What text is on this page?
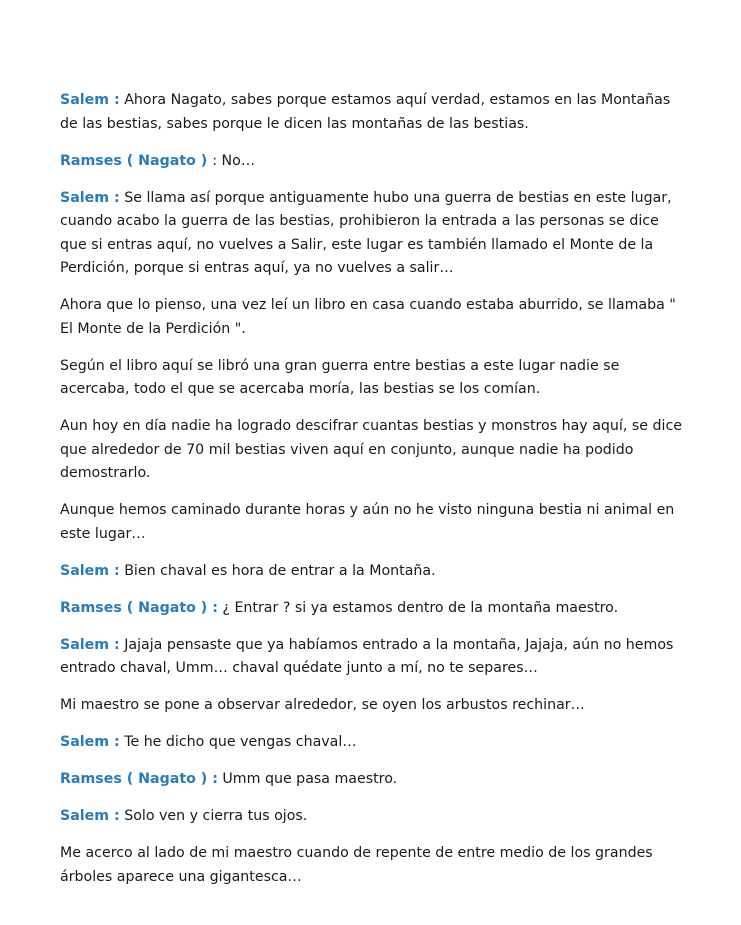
Salem : Ahora Nagato, sabes porque estamos aquí verdad, estamos en las Montañas de las bestias, sabes porque le dicen las montañas de las bestias.

Ramses ( Nagato ) : No…

Salem : Se llama así porque antiguamente hubo una guerra de bestias en este lugar, cuando acabo la guerra de las bestias, prohibieron la entrada a las personas se dice que si entras aquí, no vuelves a Salir, este lugar es también llamado el Monte de la Perdición, porque si entras aquí, ya no vuelves a salir…

Ahora que lo pienso, una vez leí un libro en casa cuando estaba aburrido, se llamaba " El Monte de la Perdición ".

Según el libro aquí se libró una gran guerra entre bestias a este lugar nadie se acercaba, todo el que se acercaba moría, las bestias se los comían.

Aun hoy en día nadie ha logrado descifrar cuantas bestias y monstros hay aquí, se dice que alrededor de 70 mil bestias viven aquí en conjunto, aunque nadie ha podido demostrarlo.

Aunque hemos caminado durante horas y aún no he visto ninguna bestia ni animal en este lugar…

Salem : Bien chaval es hora de entrar a la Montaña.

Ramses ( Nagato ) : ¿ Entrar ? si ya estamos dentro de la montaña maestro.

Salem : Jajaja pensaste que ya habíamos entrado a la montaña, Jajaja, aún no hemos entrado chaval, Umm… chaval quédate junto a mí, no te separes…

Mi maestro se pone a observar alrededor, se oyen los arbustos rechinar…

Salem : Te he dicho que vengas chaval…

Ramses ( Nagato ) : Umm que pasa maestro.

Salem : Solo ven y cierra tus ojos.

Me acerco al lado de mi maestro cuando de repente de entre medio de los grandes árboles aparece una gigantesca…
